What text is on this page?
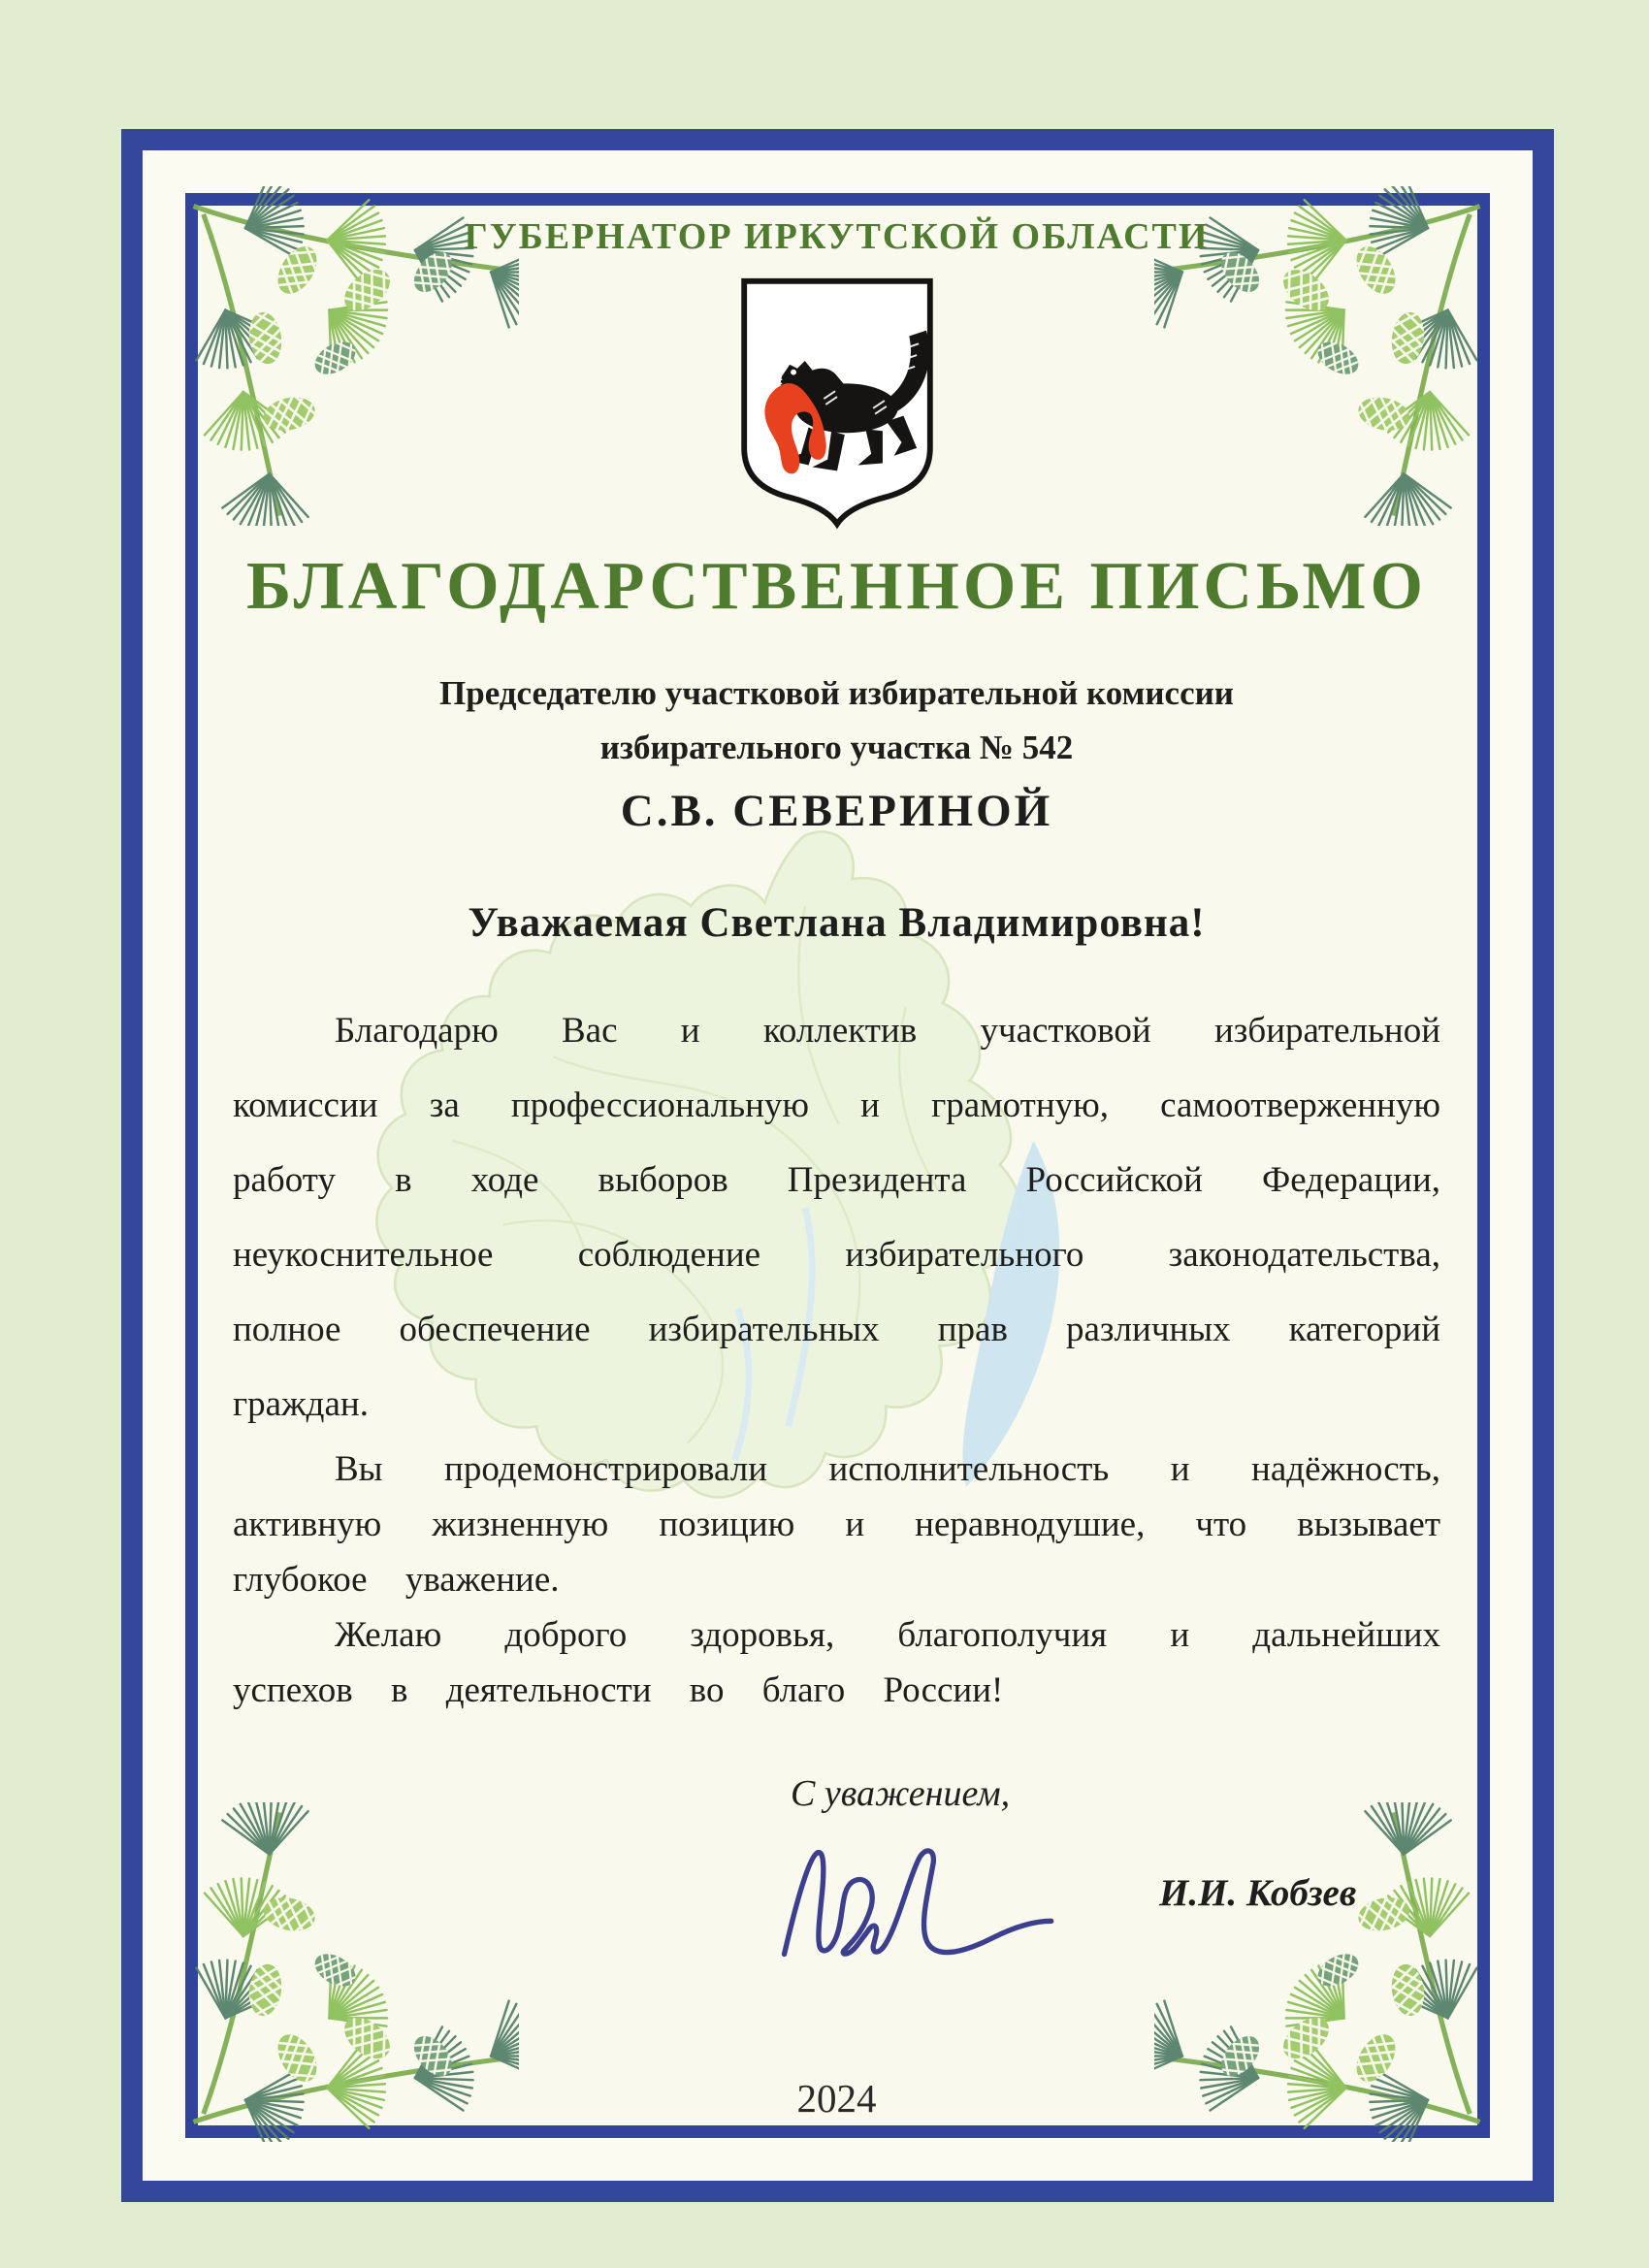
ГУБЕРНАТОР ИРКУТСКОЙ ОБЛАСТИ
БЛАГОДАРСТВЕННОЕ ПИСЬМО
Председателю участковой избирательной комиссии
избирательного участка № 542
С.В. СЕВЕРИНОЙ
Уважаемая Светлана Владимировна!

Благодарю Вас и коллектив участковой избирательной комиссии за профессиональную и грамотную, самоотверженную работу в ходе выборов Президента Российской Федерации, неукоснительное соблюдение избирательного законодательства, полное обеспечение избирательных прав различных категорий граждан.

Вы продемонстрировали исполнительность и надёжность, активную жизненную позицию и неравнодушие, что вызывает глубокое уважение.

Желаю доброго здоровья, благополучия и дальнейших успехов в деятельности во благо России!

С уважением,
И.И. Кобзев
2024
